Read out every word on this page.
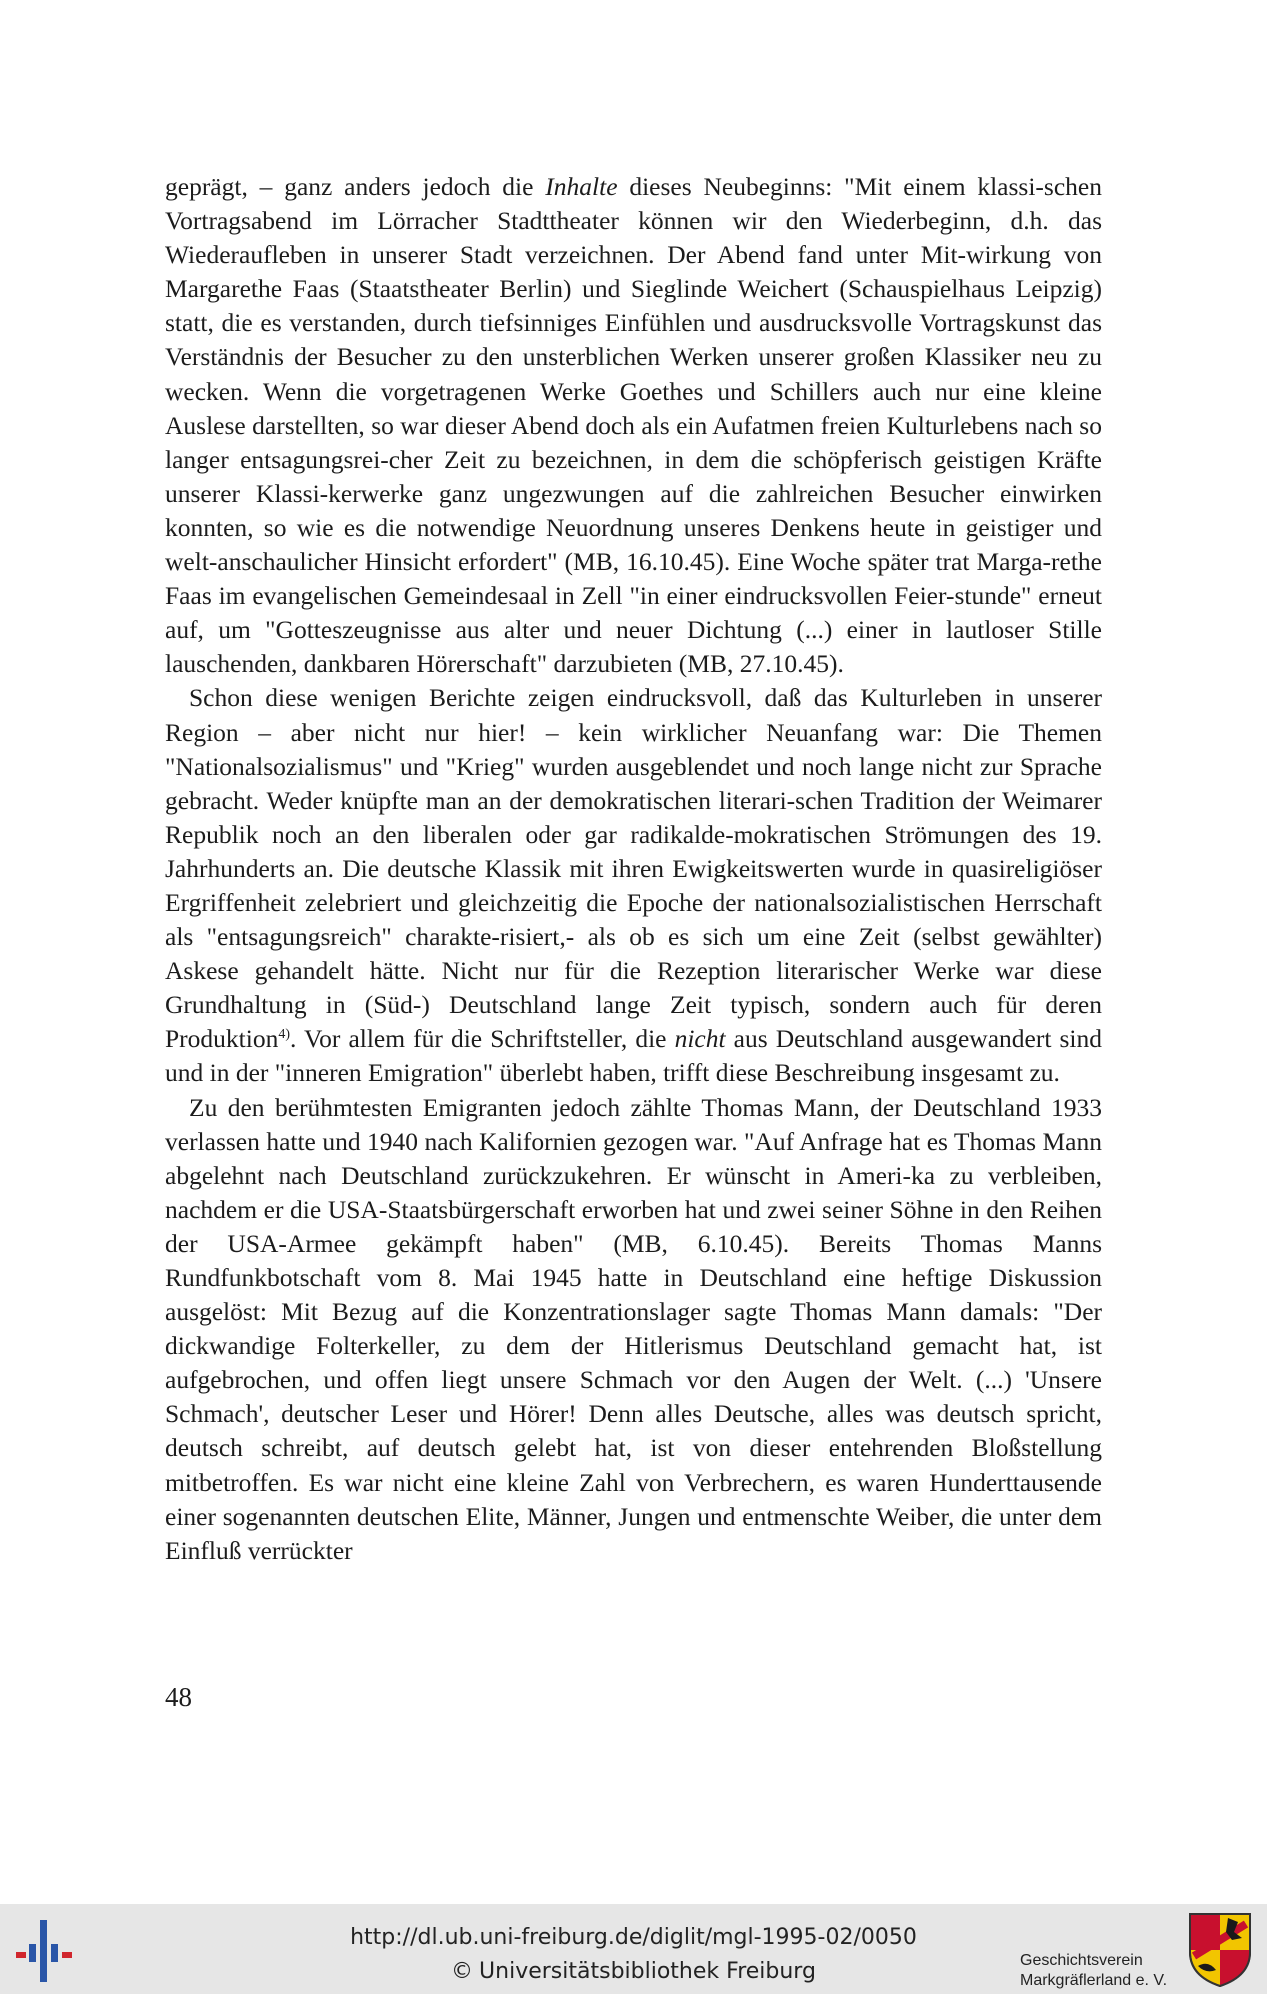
geprägt, – ganz anders jedoch die Inhalte dieses Neubeginns: "Mit einem klassi-schen Vortragsabend im Lörracher Stadttheater können wir den Wiederbeginn, d.h. das Wiederaufleben in unserer Stadt verzeichnen. Der Abend fand unter Mit-wirkung von Margarethe Faas (Staatstheater Berlin) und Sieglinde Weichert (Schauspielhaus Leipzig) statt, die es verstanden, durch tiefsinniges Einfühlen und ausdrucksvolle Vortragskunst das Verständnis der Besucher zu den unsterblichen Werken unserer großen Klassiker neu zu wecken. Wenn die vorgetragenen Werke Goethes und Schillers auch nur eine kleine Auslese darstellten, so war dieser Abend doch als ein Aufatmen freien Kulturlebens nach so langer entsagungsrei-cher Zeit zu bezeichnen, in dem die schöpferisch geistigen Kräfte unserer Klassi-kerwerke ganz ungezwungen auf die zahlreichen Besucher einwirken konnten, so wie es die notwendige Neuordnung unseres Denkens heute in geistiger und welt-anschaulicher Hinsicht erfordert" (MB, 16.10.45). Eine Woche später trat Marga-rethe Faas im evangelischen Gemeindesaal in Zell "in einer eindrucksvollen Feier-stunde" erneut auf, um "Gotteszeugnisse aus alter und neuer Dichtung (...) einer in lautloser Stille lauschenden, dankbaren Hörerschaft" darzubieten (MB, 27.10.45).

Schon diese wenigen Berichte zeigen eindrucksvoll, daß das Kulturleben in unserer Region – aber nicht nur hier! – kein wirklicher Neuanfang war: Die Themen "Nationalsozialismus" und "Krieg" wurden ausgeblendet und noch lange nicht zur Sprache gebracht. Weder knüpfte man an der demokratischen literari-schen Tradition der Weimarer Republik noch an den liberalen oder gar radikalde-mokratischen Strömungen des 19. Jahrhunderts an. Die deutsche Klassik mit ihren Ewigkeitswerten wurde in quasireligiöser Ergriffenheit zelebriert und gleichzeitig die Epoche der nationalsozialistischen Herrschaft als "entsagungsreich" charakte-risiert,- als ob es sich um eine Zeit (selbst gewählter) Askese gehandelt hätte. Nicht nur für die Rezeption literarischer Werke war diese Grundhaltung in (Süd-) Deutschland lange Zeit typisch, sondern auch für deren Produktion$^{4)}$. Vor allem für die Schriftsteller, die nicht aus Deutschland ausgewandert sind und in der "inneren Emigration" überlebt haben, trifft diese Beschreibung insgesamt zu.

Zu den berühmtesten Emigranten jedoch zählte Thomas Mann, der Deutschland 1933 verlassen hatte und 1940 nach Kalifornien gezogen war. "Auf Anfrage hat es Thomas Mann abgelehnt nach Deutschland zurückzukehren. Er wünscht in Ameri-ka zu verbleiben, nachdem er die USA-Staatsbürgerschaft erworben hat und zwei seiner Söhne in den Reihen der USA-Armee gekämpft haben" (MB, 6.10.45). Bereits Thomas Manns Rundfunkbotschaft vom 8. Mai 1945 hatte in Deutschland eine heftige Diskussion ausgelöst: Mit Bezug auf die Konzentrationslager sagte Thomas Mann damals: "Der dickwandige Folterkeller, zu dem der Hitlerismus Deutschland gemacht hat, ist aufgebrochen, und offen liegt unsere Schmach vor den Augen der Welt. (...) 'Unsere Schmach', deutscher Leser und Hörer! Denn alles Deutsche, alles was deutsch spricht, deutsch schreibt, auf deutsch gelebt hat, ist von dieser entehrenden Bloßstellung mitbetroffen. Es war nicht eine kleine Zahl von Verbrechern, es waren Hunderttausende einer sogenannten deutschen Elite, Männer, Jungen und entmenschte Weiber, die unter dem Einfluß verrückter

48
http://dl.ub.uni-freiburg.de/diglit/mgl-1995-02/0050
© Universitätsbibliothek Freiburg	Geschichtsverein
Markgräflerland e. V.
